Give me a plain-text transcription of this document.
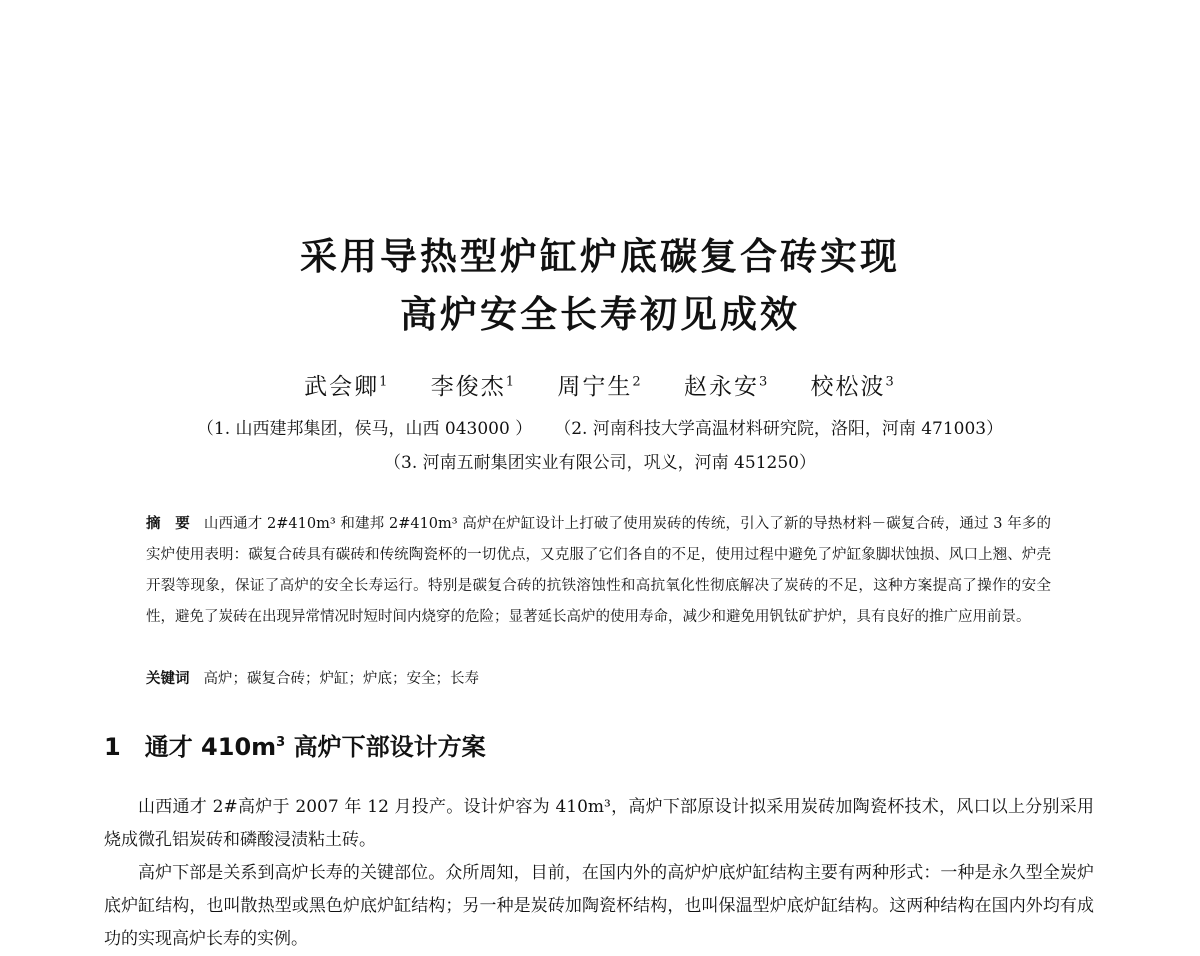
采用导热型炉缸炉底碳复合砖实现
高炉安全长寿初见成效
武会卿$^1$ 李俊杰$^1$ 周宁生$^2$ 赵永安$^3$ 校松波$^3$
（1. 山西建邦集团，侯马，山西 043000 ） （2. 河南科技大学高温材料研究院，洛阳，河南 471003）
（3. 河南五耐集团实业有限公司，巩义，河南 451250）
摘　要 山西通才 2#410m³ 和建邦 2#410m³ 高炉在炉缸设计上打破了使用炭砖的传统，引入了新的导热材料－碳复合砖，通过 3 年多的实炉使用表明：碳复合砖具有碳砖和传统陶瓷杯的一切优点，又克服了它们各自的不足，使用过程中避免了炉缸象脚状蚀损、风口上翘、炉壳开裂等现象，保证了高炉的安全长寿运行。特别是碳复合砖的抗铁溶蚀性和高抗氧化性彻底解决了炭砖的不足，这种方案提高了操作的安全性，避免了炭砖在出现异常情况时短时间内烧穿的危险；显著延长高炉的使用寿命，减少和避免用钒钛矿护炉，具有良好的推广应用前景。
关键词 高炉；碳复合砖；炉缸；炉底；安全；长寿
1 通才 $410m^3$ 高炉下部设计方案

山西通才 2#高炉于 2007 年 12 月投产。设计炉容为 410m³，高炉下部原设计拟采用炭砖加陶瓷杯技术，风口以上分别采用烧成微孔铝炭砖和磷酸浸渍粘土砖。

高炉下部是关系到高炉长寿的关键部位。众所周知，目前，在国内外的高炉炉底炉缸结构主要有两种形式：一种是永久型全炭炉底炉缸结构，也叫散热型或黑色炉底炉缸结构；另一种是炭砖加陶瓷杯结构，也叫保温型炉底炉缸结构。这两种结构在国内外均有成功的实现高炉长寿的实例。
